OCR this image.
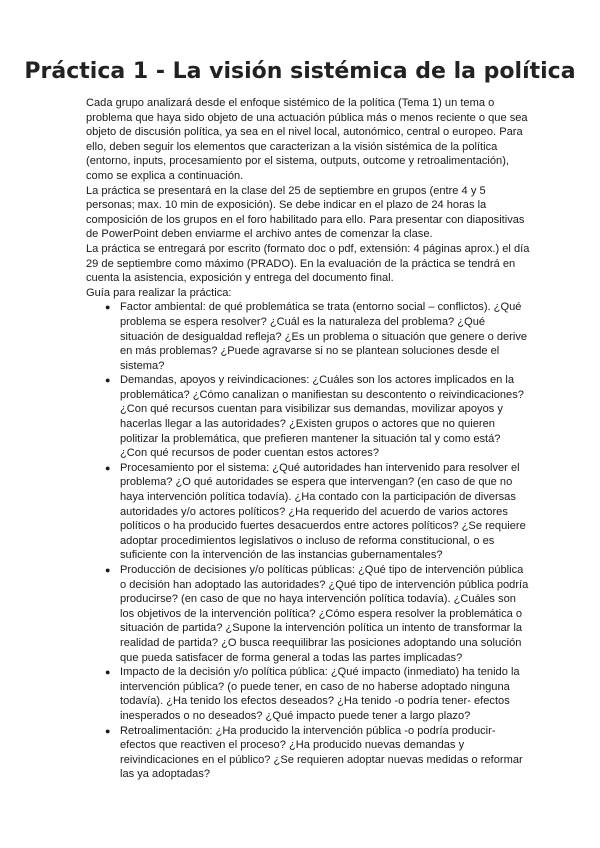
Práctica 1 - La visión sistémica de la política

Cada grupo analizará desde el enfoque sistémico de la política (Tema 1) un tema o problema que haya sido objeto de una actuación pública más o menos reciente o que sea objeto de discusión política, ya sea en el nivel local, autonómico, central o europeo. Para ello, deben seguir los elementos que caracterizan a la visión sistémica de la política (entorno, inputs, procesamiento por el sistema, outputs, outcome y retroalimentación), como se explica a continuación.

La práctica se presentará en la clase del 25 de septiembre en grupos (entre 4 y 5 personas; max. 10 min de exposición). Se debe indicar en el plazo de 24 horas la composición de los grupos en el foro habilitado para ello. Para presentar con diapositivas de PowerPoint deben enviarme el archivo antes de comenzar la clase.

La práctica se entregará por escrito (formato doc o pdf, extensión: 4 páginas aprox.) el día 29 de septiembre como máximo (PRADO). En la evaluación de la práctica se tendrá en cuenta la asistencia, exposición y entrega del documento final.

Guía para realizar la práctica:

● Factor ambiental: de qué problemática se trata (entorno social – conflictos). ¿Qué problema se espera resolver? ¿Cuál es la naturaleza del problema? ¿Qué situación de desigualdad refleja? ¿Es un problema o situación que genere o derive en más problemas? ¿Puede agravarse si no se plantean soluciones desde el sistema?
● Demandas, apoyos y reivindicaciones: ¿Cuáles son los actores implicados en la problemática? ¿Cómo canalizan o manifiestan su descontento o reivindicaciones? ¿Con qué recursos cuentan para visibilizar sus demandas, movilizar apoyos y hacerlas llegar a las autoridades? ¿Existen grupos o actores que no quieren politizar la problemática, que prefieren mantener la situación tal y como está? ¿Con qué recursos de poder cuentan estos actores?
● Procesamiento por el sistema: ¿Qué autoridades han intervenido para resolver el problema? ¿O qué autoridades se espera que intervengan? (en caso de que no haya intervención política todavía). ¿Ha contado con la participación de diversas autoridades y/o actores políticos? ¿Ha requerido del acuerdo de varios actores políticos o ha producido fuertes desacuerdos entre actores políticos? ¿Se requiere adoptar procedimientos legislativos o incluso de reforma constitucional, o es suficiente con la intervención de las instancias gubernamentales?
● Producción de decisiones y/o políticas públicas: ¿Qué tipo de intervención pública o decisión han adoptado las autoridades? ¿Qué tipo de intervención pública podría producirse? (en caso de que no haya intervención política todavía). ¿Cuáles son los objetivos de la intervención política? ¿Cómo espera resolver la problemática o situación de partida? ¿Supone la intervención política un intento de transformar la realidad de partida? ¿O busca reequilibrar las posiciones adoptando una solución que pueda satisfacer de forma general a todas las partes implicadas?
● Impacto de la decisión y/o política pública: ¿Qué impacto (inmediato) ha tenido la intervención pública? (o puede tener, en caso de no haberse adoptado ninguna todavía). ¿Ha tenido los efectos deseados? ¿Ha tenido -o podría tener- efectos inesperados o no deseados? ¿Qué impacto puede tener a largo plazo?
● Retroalimentación: ¿Ha producido la intervención pública -o podría producir- efectos que reactiven el proceso? ¿Ha producido nuevas demandas y reivindicaciones en el público? ¿Se requieren adoptar nuevas medidas o reformar las ya adoptadas?
